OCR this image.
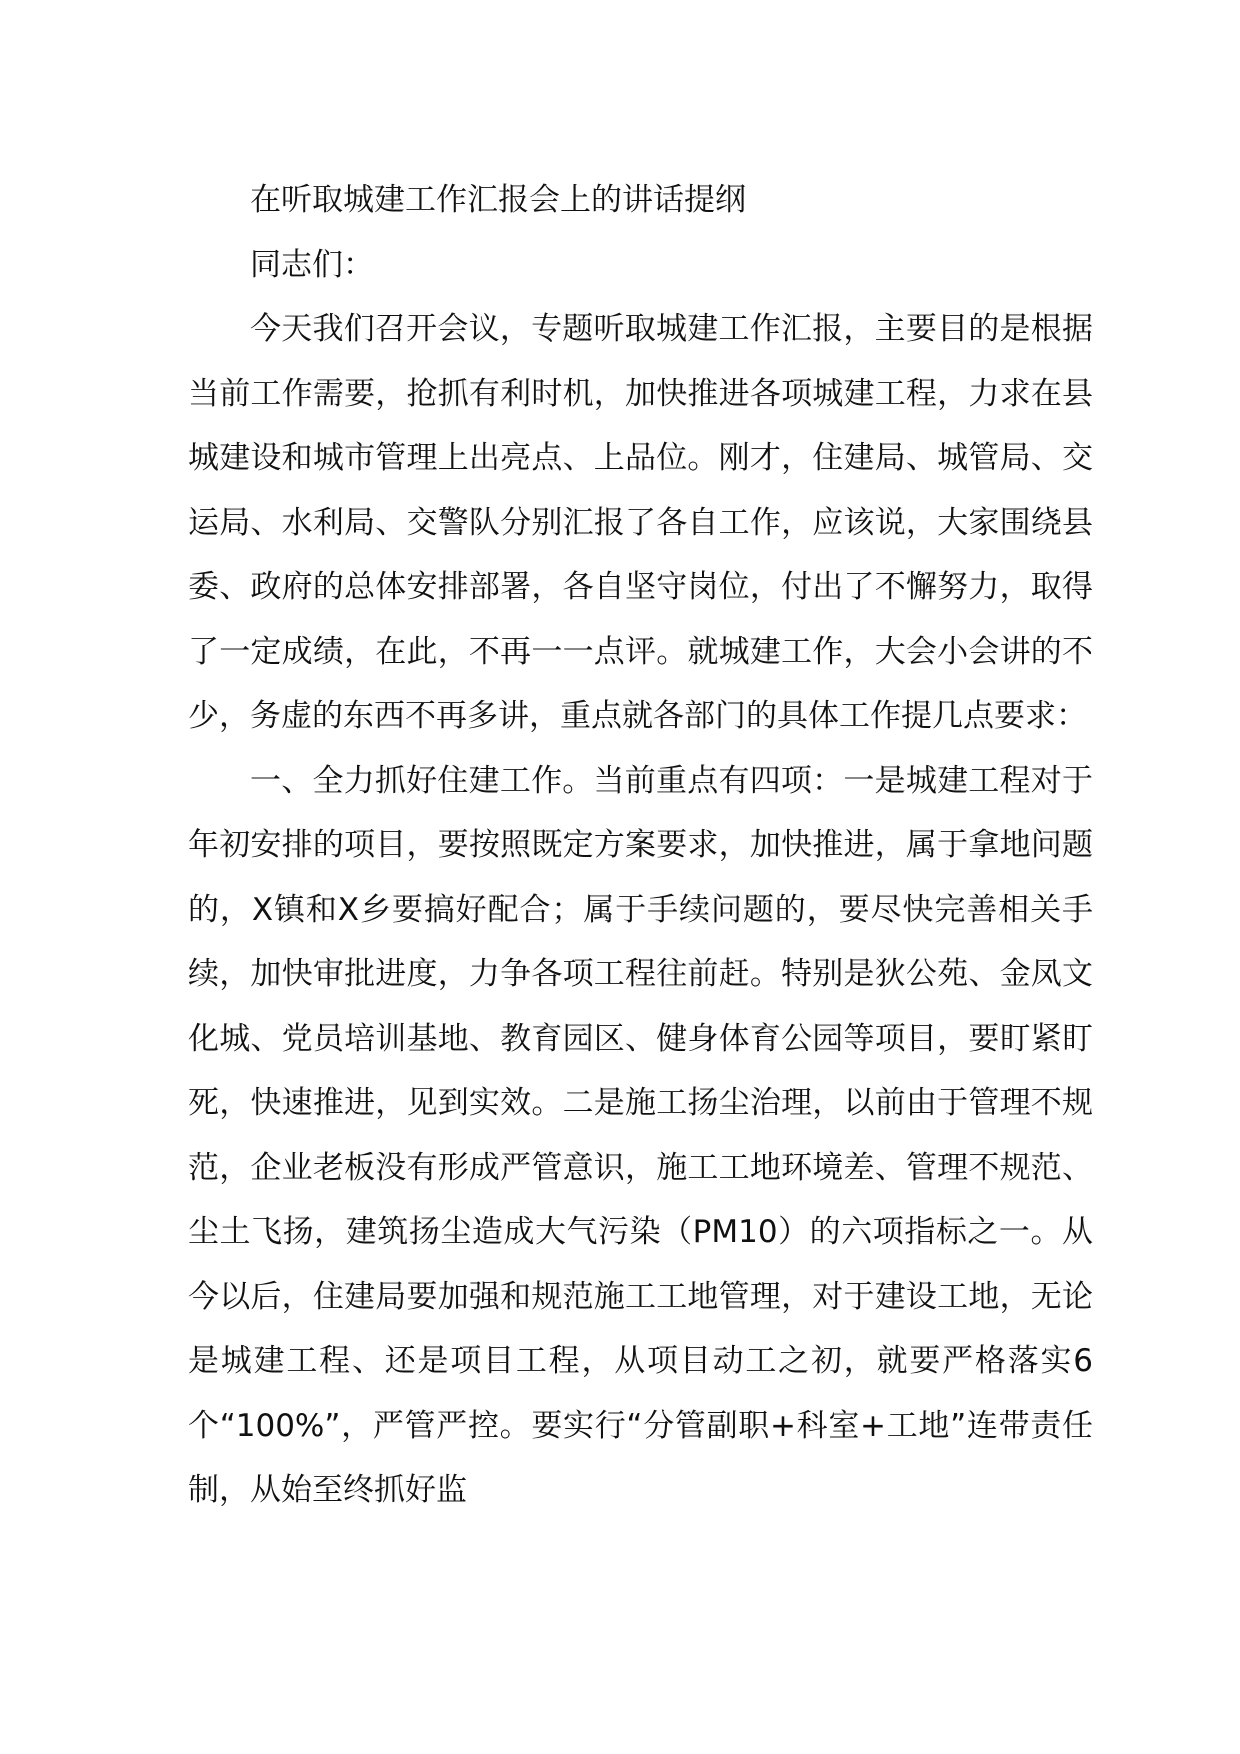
在听取城建工作汇报会上的讲话提纲

同志们：

今天我们召开会议，专题听取城建工作汇报，主要目的是根据当前工作需要，抢抓有利时机，加快推进各项城建工程，力求在县城建设和城市管理上出亮点、上品位。刚才，住建局、城管局、交运局、水利局、交警队分别汇报了各自工作，应该说，大家围绕县委、政府的总体安排部署，各自坚守岗位，付出了不懈努力，取得了一定成绩，在此，不再一一点评。就城建工作，大会小会讲的不少，务虚的东西不再多讲，重点就各部门的具体工作提几点要求：

一、全力抓好住建工作。当前重点有四项：一是城建工程对于年初安排的项目，要按照既定方案要求，加快推进，属于拿地问题的，X镇和X乡要搞好配合；属于手续问题的，要尽快完善相关手续，加快审批进度，力争各项工程往前赶。特别是狄公苑、金凤文化城、党员培训基地、教育园区、健身体育公园等项目，要盯紧盯死，快速推进，见到实效。二是施工扬尘治理，以前由于管理不规范，企业老板没有形成严管意识，施工工地环境差、管理不规范、尘土飞扬，建筑扬尘造成大气污染（PM10）的六项指标之一。从今以后，住建局要加强和规范施工工地管理，对于建设工地，无论是城建工程、还是项目工程，从项目动工之初，就要严格落实6个“100%”，严管严控。要实行“分管副职+科室+工地”连带责任制，从始至终抓好监
